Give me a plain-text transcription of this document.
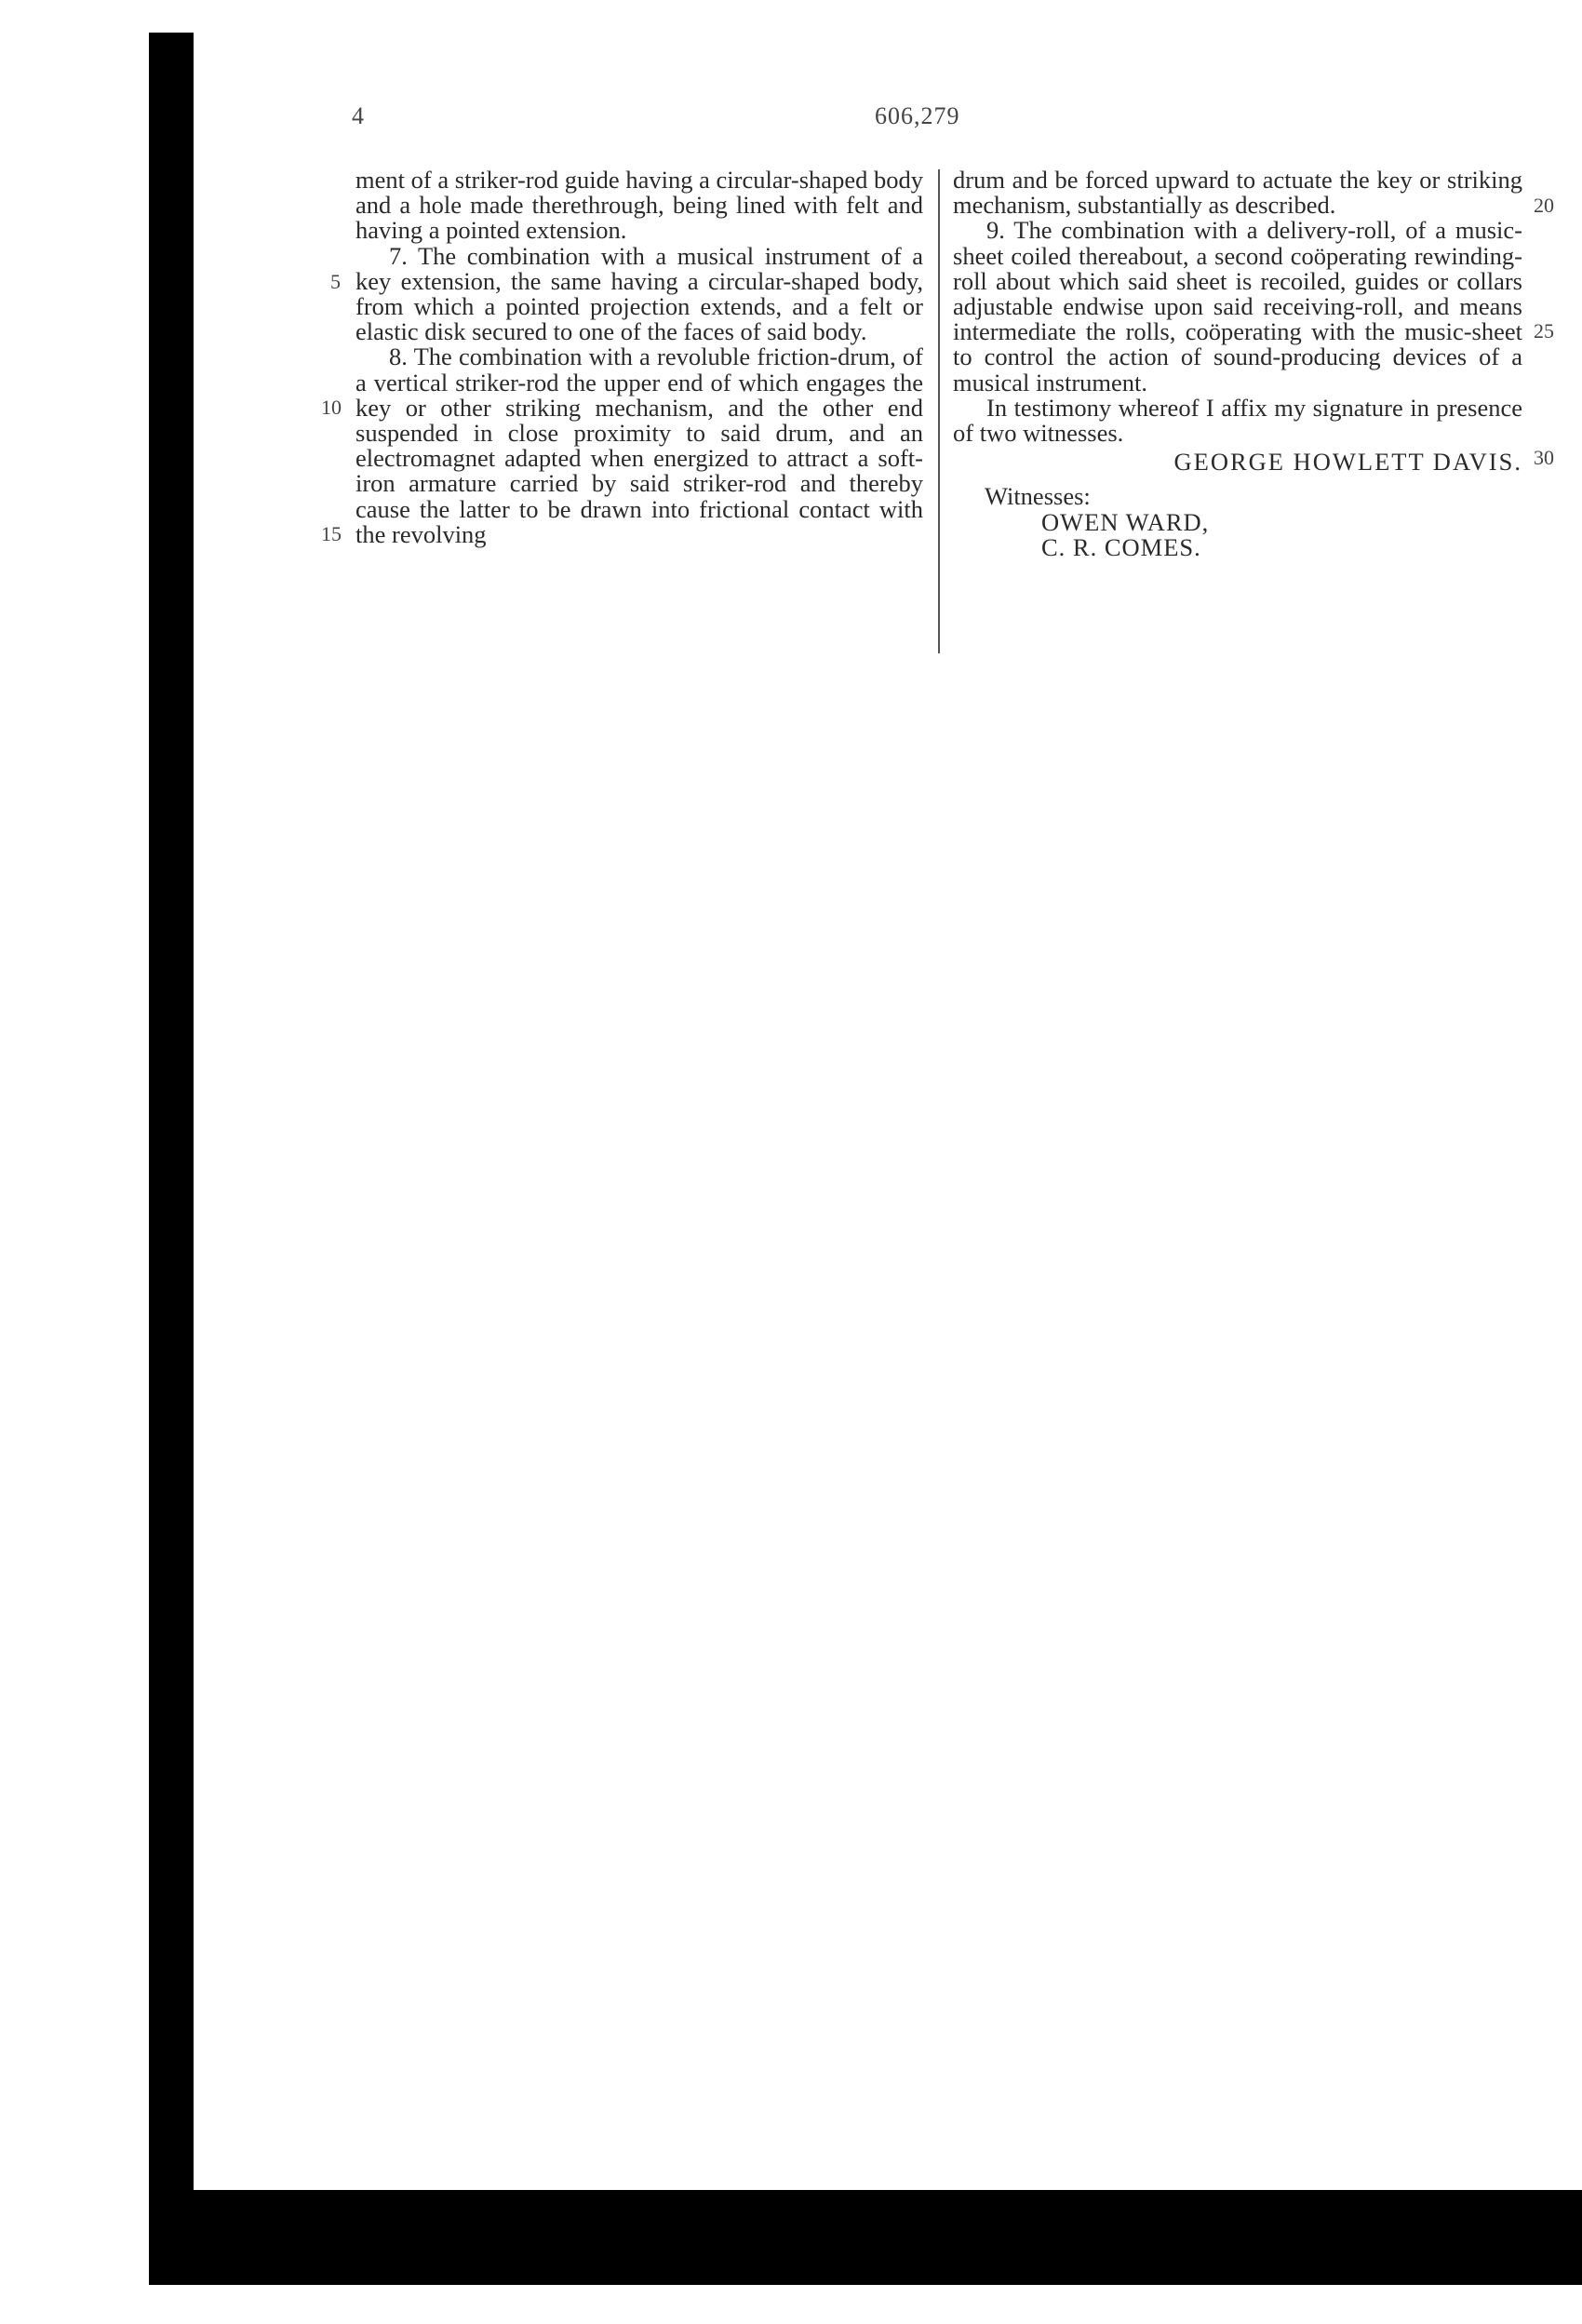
4	606,279
5
10
15
20
25
30

ment of a striker-rod guide having a circular-shaped body and a hole made therethrough, being lined with felt and having a pointed extension.

7. The combination with a musical instrument of a key extension, the same having a circular-shaped body, from which a pointed projection extends, and a felt or elastic disk secured to one of the faces of said body.

8. The combination with a revoluble friction-drum, of a vertical striker-rod the upper end of which engages the key or other striking mechanism, and the other end suspended in close proximity to said drum, and an electromagnet adapted when energized to attract a soft-iron armature carried by said striker-rod and thereby cause the latter to be drawn into frictional contact with the revolving

drum and be forced upward to actuate the key or striking mechanism, substantially as described.

9. The combination with a delivery-roll, of a music-sheet coiled thereabout, a second coöperating rewinding-roll about which said sheet is recoiled, guides or collars adjustable endwise upon said receiving-roll, and means intermediate the rolls, coöperating with the music-sheet to control the action of sound-producing devices of a musical instrument.

In testimony whereof I affix my signature in presence of two witnesses.

GEORGE HOWLETT DAVIS.

Witnesses:

OWEN WARD,

C. R. COMES.
